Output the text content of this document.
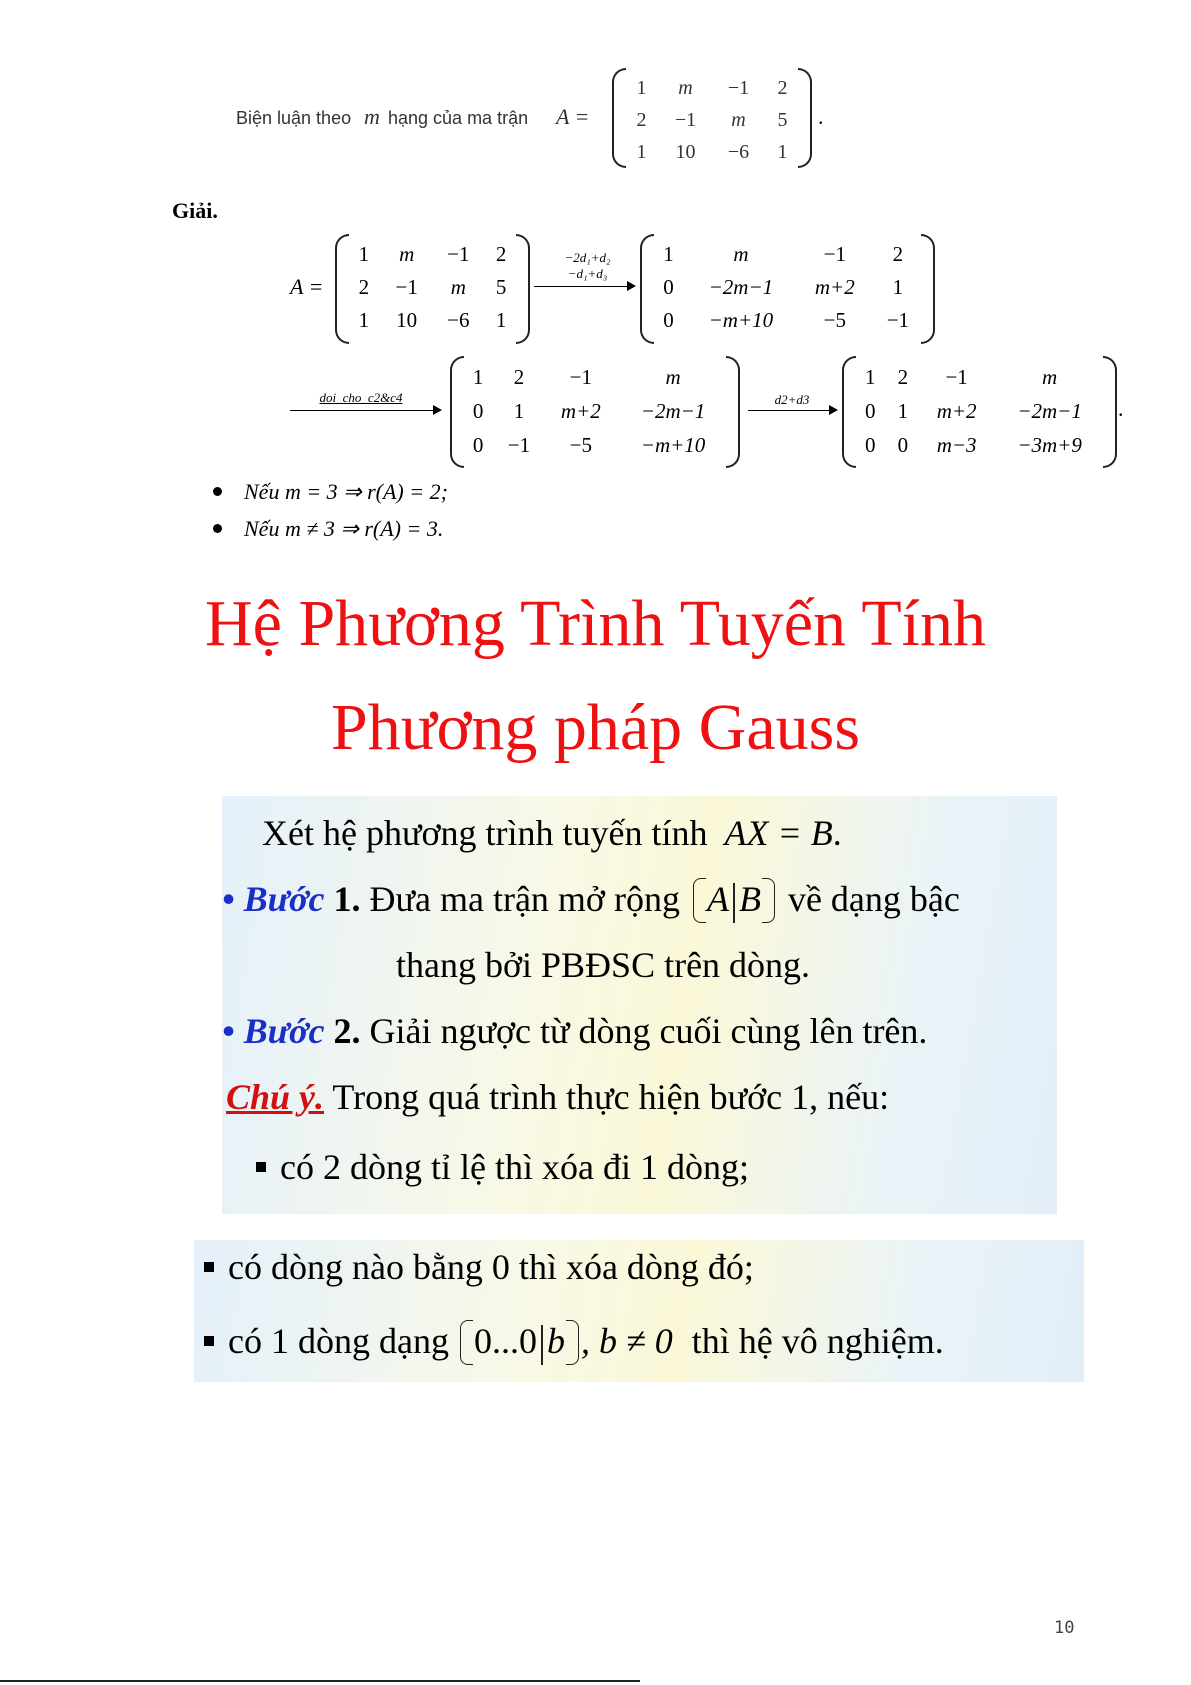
Biện luận theo m hạng của ma trận A =
1	m	−1	2
2	−1	m	5
1	10	−6	1
.
Giải.
A =
1	m	−1	2
2	−1	m	5
1	10	−6	1
−2d₁+d₂
−d₁+d₃
1	m	−1	2
0	−2m−1	m+2	1
0	−m+10	−5	−1
doi_cho_c2&c4
1	2	−1	m
0	1	m+2	−2m−1
0	−1	−5	−m+10
d2+d3
1	2	−1	m
0	1	m+2	−2m−1
0	0	m−3	−3m+9
.
Nếu m = 3 ⇒ r(A) = 2;
Nếu m ≠ 3 ⇒ r(A) = 3.
Hệ Phương Trình Tuyến Tính
Phương pháp Gauss
Xét hệ phương trình tuyến tính AX = B.
• Bước 1. Đưa ma trận mở rộng A B về dạng bậc
thang bởi PBĐSC trên dòng.
• Bước 2. Giải ngược từ dòng cuối cùng lên trên.
Chú ý. Trong quá trình thực hiện bước 1, nếu:
có 2 dòng tỉ lệ thì xóa đi 1 dòng;
có dòng nào bằng 0 thì xóa dòng đó;
có 1 dòng dạng 0...0 b , b ≠ 0 thì hệ vô nghiệm.
10
